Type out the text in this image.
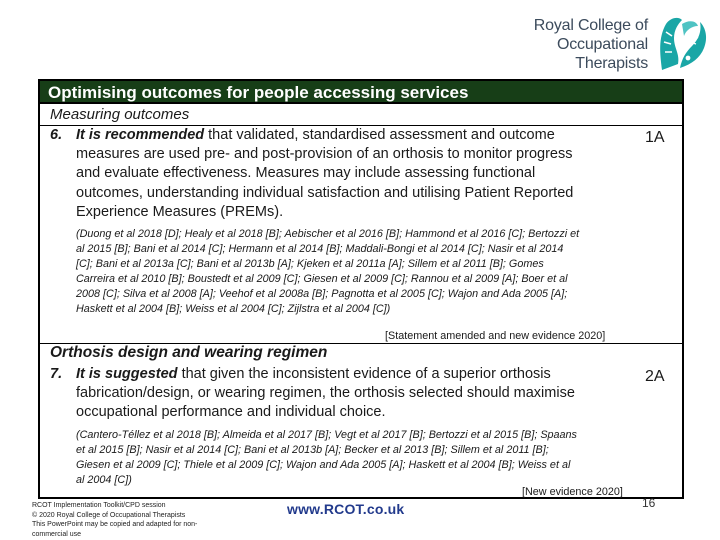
Royal College of
Occupational
Therapists
Optimising outcomes for people accessing services
Measuring outcomes
6. It is recommended that validated, standardised assessment and outcome
measures are used pre- and post-provision of an orthosis to monitor progress
and evaluate effectiveness. Measures may include assessing functional
outcomes, understanding individual satisfaction and utilising Patient Reported
Experience Measures (PREMs).
1A
(Duong et al 2018 [D]; Healy et al 2018 [B]; Aebischer et al 2016 [B]; Hammond et al 2016 [C]; Bertozzi et
al 2015 [B]; Bani et al 2014 [C]; Hermann et al 2014 [B]; Maddali-Bongi et al 2014 [C]; Nasir et al 2014
[C]; Bani et al 2013a [C]; Bani et al 2013b [A]; Kjeken et al 2011a [A]; Sillem et al 2011 [B]; Gomes
Carreira et al 2010 [B]; Boustedt et al 2009 [C]; Giesen et al 2009 [C]; Rannou et al 2009 [A]; Boer et al
2008 [C]; Silva et al 2008 [A]; Veehof et al 2008a [B]; Pagnotta et al 2005 [C]; Wajon and Ada 2005 [A];
Haskett et al 2004 [B]; Weiss et al 2004 [C]; Zijlstra et al 2004 [C])
[Statement amended and new evidence 2020]
Orthosis design and wearing regimen
7. It is suggested that given the inconsistent evidence of a superior orthosis
fabrication/design, or wearing regimen, the orthosis selected should maximise
occupational performance and individual choice.
2A
(Cantero-Téllez et al 2018 [B]; Almeida et al 2017 [B]; Vegt et al 2017 [B]; Bertozzi et al 2015 [B]; Spaans
et al 2015 [B]; Nasir et al 2014 [C]; Bani et al 2013b [A]; Becker et al 2013 [B]; Sillem et al 2011 [B];
Giesen et al 2009 [C]; Thiele et al 2009 [C]; Wajon and Ada 2005 [A]; Haskett et al 2004 [B]; Weiss et al
al 2004 [C])
[New evidence 2020]
RCOT Implementation Toolkit/CPD session
© 2020 Royal College of Occupational Therapists
This PowerPoint may be copied and adapted for non-
commercial use
www.RCOT.co.uk	16
